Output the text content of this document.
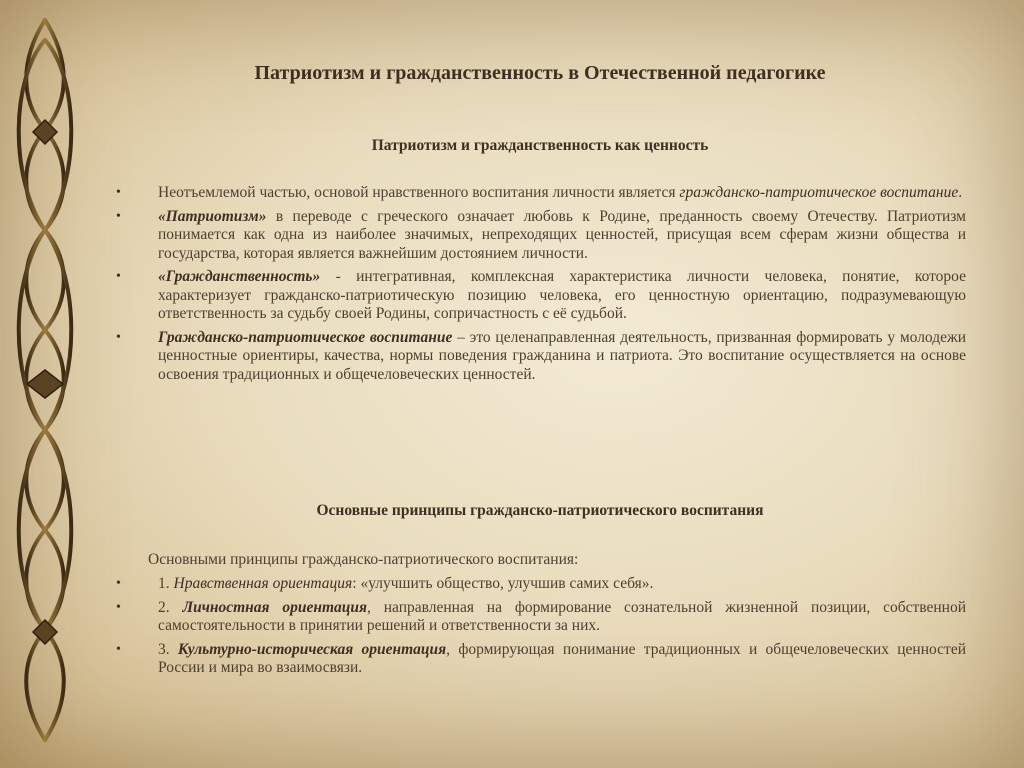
Патриотизм и гражданственность в Отечественной педагогике
Патриотизм и гражданственность как ценность
• Неотъемлемой частью, основой нравственного воспитания личности является гражданско-патриотическое воспитание.
• «Патриотизм» в переводе с греческого означает любовь к Родине, преданность своему Отечеству. Патриотизм понимается как одна из наиболее значимых, непреходящих ценностей, присущая всем сферам жизни общества и государства, которая является важнейшим достоянием личности.
• «Гражданственность» - интегративная, комплексная характеристика личности человека, понятие, которое характеризует гражданско-патриотическую позицию человека, его ценностную ориентацию, подразумевающую ответственность за судьбу своей Родины, сопричастность с её судьбой.
• Гражданско-патриотическое воспитание – это целенаправленная деятельность, призванная формировать у молодежи ценностные ориентиры, качества, нормы поведения гражданина и патриота. Это воспитание осуществляется на основе освоения традиционных и общечеловеческих ценностей.
Основные принципы гражданско-патриотического воспитания

Основными принципы гражданско-патриотического воспитания:

• 1. Нравственная ориентация: «улучшить общество, улучшив самих себя».
• 2. Личностная ориентация, направленная на формирование сознательной жизненной позиции, собственной самостоятельности в принятии решений и ответственности за них.
• 3. Культурно-историческая ориентация, формирующая понимание традиционных и общечеловеческих ценностей России и мира во взаимосвязи.
